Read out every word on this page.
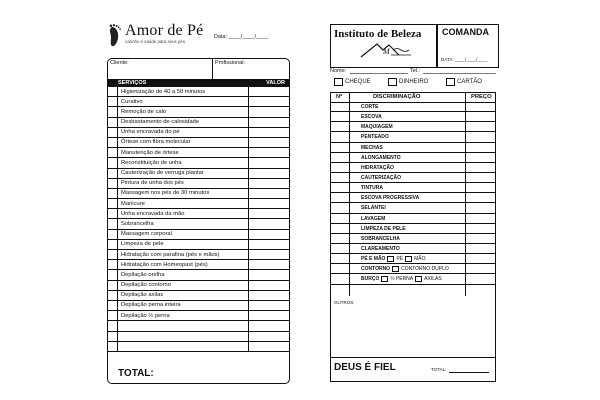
Amor de Pé
carinho e saúde para seus pés
Data: ____/____/____
Cliente:	Profissional:
SERVIÇOS	VALOR
Higienização de 40 a 50 minutos
Curativo
Remoção de calo
Desbastamento de calosidade
Unha encravada do pé
Órtese com fibra molecular
Manutenção de órtese
Reconstituição de unha
Cauterização de verruga plantar
Pintura de unha dos pés
Massagem nos pés de 30 minutos
Manicure
Unha encravada da mão
Sobrancelha
Massagem corporal
Limpeza de pele
Hidratação com parafina (pés e mãos)
Hidratação com Homeopast (pés)
Depilação orelha
Depilação contorno
Depilação axilas
Depilação perna inteira
Depilação ½ perna
TOTAL:
Instituto de Beleza
M
COMANDA
DATA: ____/____/____
Nome:	Tel.:
CHEQUE	DINHEIRO	CARTÃO
Nº	DISCRIMINAÇÃO	PREÇO
CORTE
ESCOVA
MAQUIAGEM
PENTEADO
MECHAS
ALONGAMENTO
HIDRATAÇÃO
CAUTERIZAÇÃO
TINTURA
ESCOVA PROGRESSIVA
SELANTEI
LAVAGEM
LIMPEZA DE PELE
SOBRANCELHA
CLAREAMENTO
PÉ E MÃO PÉ MÃO
CONTORNO CONTORNO DUPLO
BURÇO ½ PERNA AXILAS
OUTROS:
DEUS É FIEL	TOTAL:
